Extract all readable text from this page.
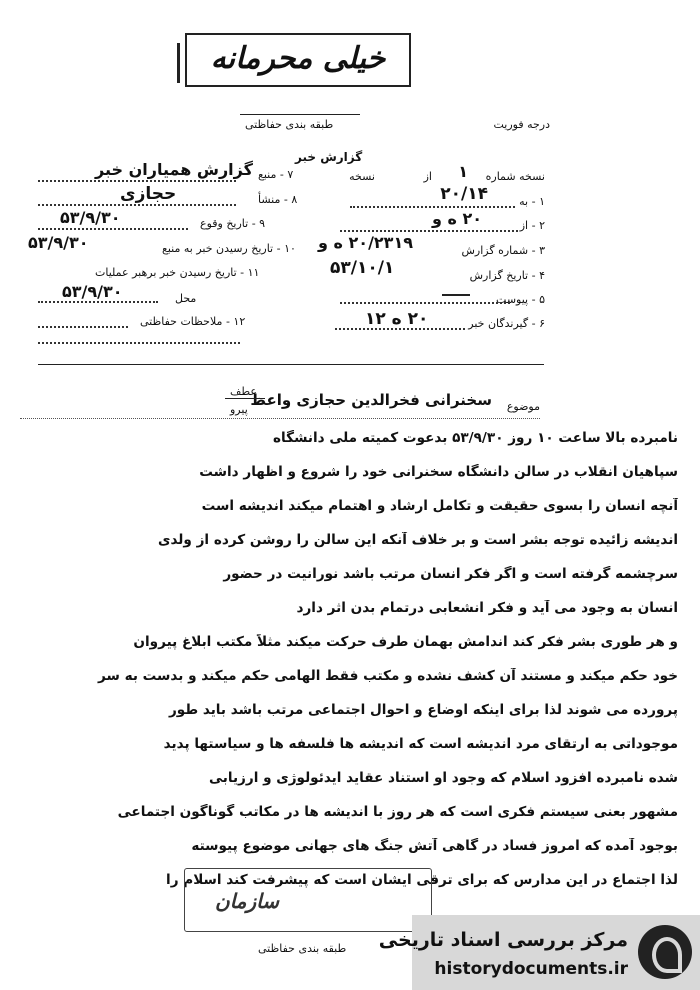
خیلی محرمانه
درجه فوریت
طبقه بندی حفاظتی
گزارش خبر
نسخه شماره
۱
از
نسخه
۱ - به
۲۰/۱۴
۲ - از
۲۰ ه و
۳ - شماره گزارش
۲۰/۲۳۱۹ ه و
۴ - تاریخ گزارش
۵۳/۱۰/۱
۵ - پیوست
۶ - گیرندگان خبر
۲۰ ه ۱۲
۷ - منبع
گزارش همیاران خبر
۸ - منشأ
حجازی
۹ - تاریخ وقوع
۵۳/۹/۳۰
۱۰ - تاریخ رسیدن خبر به منبع
۵۳/۹/۳۰
۱۱ - تاریخ رسیدن خبر برهبر عملیات
محل
۵۳/۹/۳۰
۱۲ - ملاحظات حفاظتی
موضوع
سخنرانی فخرالدین حجازی واعظ
عطف
پیرو
نامبرده بالا ساعت ۱۰ روز ۵۳/۹/۳۰ بدعوت کمیته ملی دانشگاه
سپاهیان انقلاب در سالن دانشگاه سخنرانی خود را شروع و اظهار داشت
آنچه انسان را بسوی حقیقت و تکامل ارشاد و اهتمام میکند اندیشه است
اندیشه زائیده توجه بشر است و بر خلاف آنکه این سالن را روشن کرده از ولدی
سرچشمه گرفته است و اگر فکر انسان مرتب باشد نورانیت در حضور
انسان به وجود می آید و فکر انشعابی درتمام بدن اثر دارد
و هر طوری بشر فکر کند اندامش بهمان طرف حرکت میکند مثلاً مکتب ابلاغ پیروان
خود حکم میکند و مستند آن کشف نشده و مکتب فقط الهامی حکم میکند و بدست به سر
پرورده می شوند لذا برای اینکه اوضاع و احوال اجتماعی مرتب باشد باید طور
موجوداتی به ارتقای مرد اندیشه است که اندیشه ها فلسفه ها و سیاستها پدید
شده نامبرده افزود اسلام که وجود او استناد عقاید ایدئولوژی و ارزیابی
مشهور بعنی سیستم فکری است که هر روز با اندیشه ها در مکاتب گوناگون اجتماعی
بوجود آمده که امروز فساد در گاهی آتش جنگ های جهانی موضوع پیوسته
لذا اجتماع در این مدارس که برای ترقی ایشان است که پیشرفت کند اسلام را
سازمان
طبقه بندی حفاظتی مرکز بررسی اسناد تاریخی
historydocuments.ir
